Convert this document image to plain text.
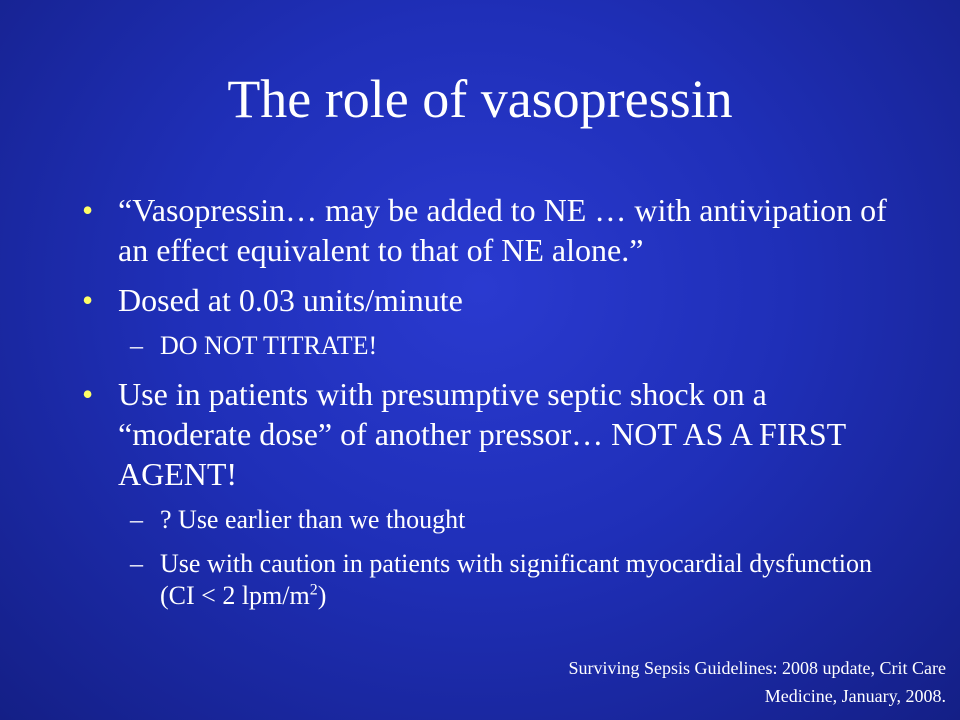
The role of vasopressin
• “Vasopressin… may be added to NE … with antivipation of an effect equivalent to that of NE alone.”
• Dosed at 0.03 units/minute
– DO NOT TITRATE!
• Use in patients with presumptive septic shock on a “moderate dose” of another pressor… NOT AS A FIRST AGENT!
– ? Use earlier than we thought
– Use with caution in patients with significant myocardial dysfunction (CI < 2 lpm/$m^2$)
Surviving Sepsis Guidelines: 2008 update, Crit Care
Medicine, January, 2008.
